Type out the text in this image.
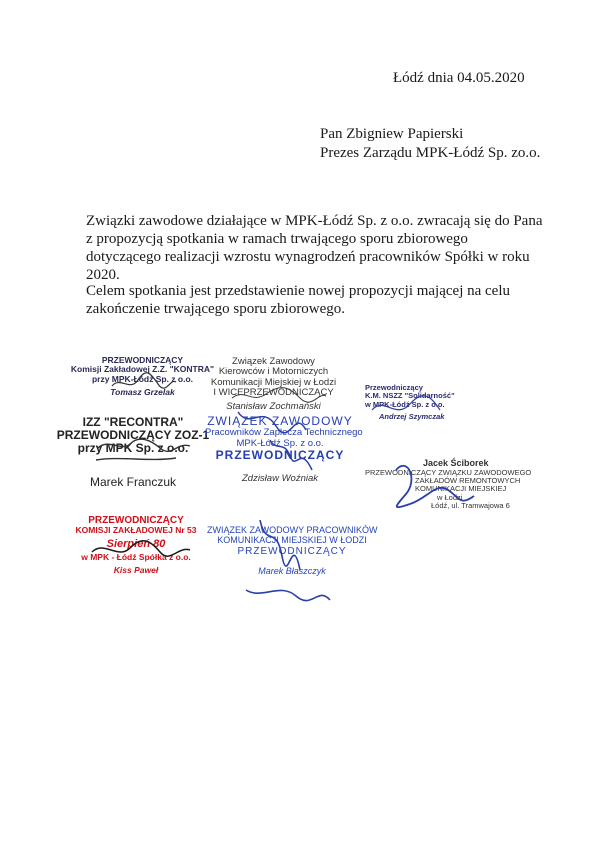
Łódź dnia 04.05.2020
Pan Zbigniew Papierski
Prezes Zarządu MPK-Łódź Sp. zo.o.
Związki zawodowe działające w MPK-Łódź Sp. z o.o. zwracają się do Pana z propozycją spotkania w ramach trwającego sporu zbiorowego dotyczącego realizacji wzrostu wynagrodzeń pracowników Spółki w roku 2020.
Celem spotkania jest przedstawienie nowej propozycji mającej na celu zakończenie trwającego sporu zbiorowego.
PRZEWODNICZĄCY
Komisji Zakładowej Z.Z. "KONTRA"
przy MPK-Łódź Sp. z o.o.
Tomasz Grzelak
Związek Zawodowy
Kierowców i Motorniczych
Komunikacji Miejskiej w Łodzi
I WICEPRZEWODNICZĄCY
Stanisław Zochmański
Przewodniczący
K.M. NSZZ "Solidarność"
w MPK-Łódź Sp. z o.o.
Andrzej Szymczak
IZZ "RECONTRA"
PRZEWODNICZĄCY ZOZ-1
przy MPK Sp. z o.o.
Marek Franczuk
ZWIĄZEK ZAWODOWY
Pracowników Zaplecza Technicznego
MPK-Łódź Sp. z o.o.
PRZEWODNICZĄCY
Zdzisław Woźniak
Jacek Ściborek
PRZEWODNICZĄCY ZWIĄZKU ZAWODOWEGO
ZAKŁADÓW REMONTOWYCH
KOMUNIKACJI MIEJSKIEJ
w Łodzi
Łódź, ul. Tramwajowa 6
PRZEWODNICZĄCY
KOMISJI ZAKŁADOWEJ Nr 53
Sierpień 80
w MPK - Łódź Spółka z o.o.
Kiss Paweł
ZWIĄZEK ZAWODOWY PRACOWNIKÓW
KOMUNIKACJI MIEJSKIEJ W ŁODZI
PRZEWODNICZĄCY
Marek Błaszczyk
